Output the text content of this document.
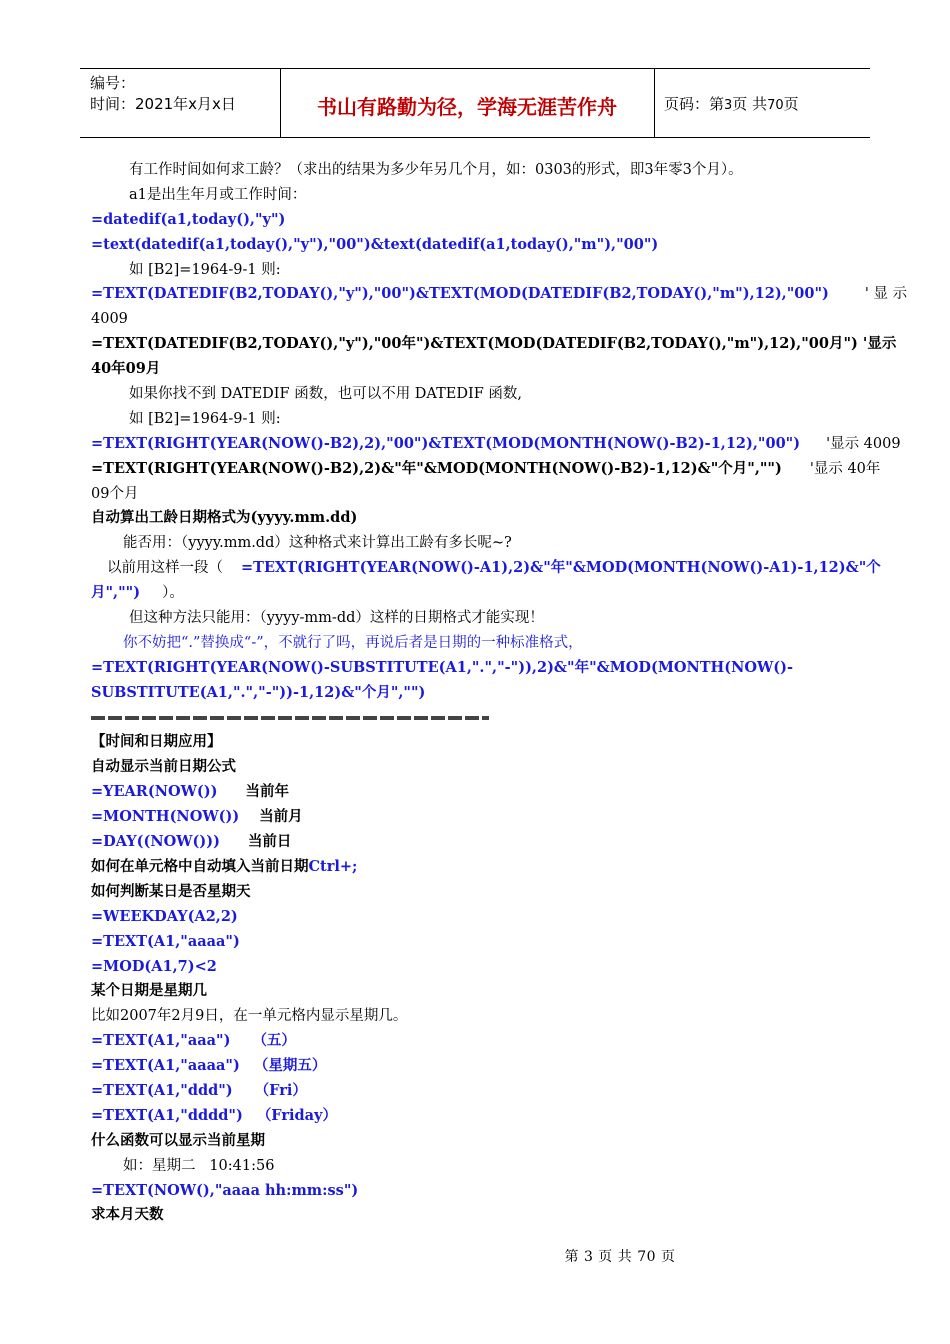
编号：
时间：2021年x月x日	书山有路勤为径，学海无涯苦作舟	页码：第3页 共70页
有工作时间如何求工龄？（求出的结果为多少年另几个月，如：0303的形式，即3年零3个月）。
a1是出生年月或工作时间：
=datedif(a1,today(),"y")
=text(datedif(a1,today(),"y"),"00")&text(datedif(a1,today(),"m"),"00")
如 [B2]=1964-9-1 则:
=TEXT(DATEDIF(B2,TODAY(),"y"),"00")&TEXT(MOD(DATEDIF(B2,TODAY(),"m"),12),"00") ' 显 示
4009
=TEXT(DATEDIF(B2,TODAY(),"y"),"00年")&TEXT(MOD(DATEDIF(B2,TODAY(),"m"),12),"00月") '显示
40年09月
如果你找不到 DATEDIF 函数，也可以不用 DATEDIF 函数,
如 [B2]=1964-9-1 则:
=TEXT(RIGHT(YEAR(NOW()-B2),2),"00")&TEXT(MOD(MONTH(NOW()-B2)-1,12),"00") '显示 4009
=TEXT(RIGHT(YEAR(NOW()-B2),2)&"年"&MOD(MONTH(NOW()-B2)-1,12)&"个月","") '显示 40年
09个月
自动算出工龄日期格式为(yyyy.mm.dd)
能否用：（yyyy.mm.dd）这种格式来计算出工龄有多长呢~?
以前用这样一段（ =TEXT(RIGHT(YEAR(NOW()-A1),2)&"年"&MOD(MONTH(NOW()-A1)-1,12)&"个
月","") ）。
但这种方法只能用：（yyyy-mm-dd）这样的日期格式才能实现！
你不妨把“.”替换成“-”，不就行了吗，再说后者是日期的一种标准格式，
=TEXT(RIGHT(YEAR(NOW()-SUBSTITUTE(A1,".","-")),2)&"年"&MOD(MONTH(NOW()-
SUBSTITUTE(A1,".","-"))-1,12)&"个月","")
【时间和日期应用】
自动显示当前日期公式
=YEAR(NOW()) 当前年
=MONTH(NOW()) 当前月
=DAY((NOW())) 当前日
如何在单元格中自动填入当前日期Ctrl+;
如何判断某日是否星期天
=WEEKDAY(A2,2)
=TEXT(A1,"aaaa")
=MOD(A1,7)<2
某个日期是星期几
比如2007年2月9日，在一单元格内显示星期几。
=TEXT(A1,"aaa") （五）
=TEXT(A1,"aaaa") （星期五）
=TEXT(A1,"ddd") （Fri）
=TEXT(A1,"dddd") （Friday）
什么函数可以显示当前星期
如：星期二   10:41:56
=TEXT(NOW(),"aaaa hh:mm:ss")
求本月天数
第 3 页 共 70 页
